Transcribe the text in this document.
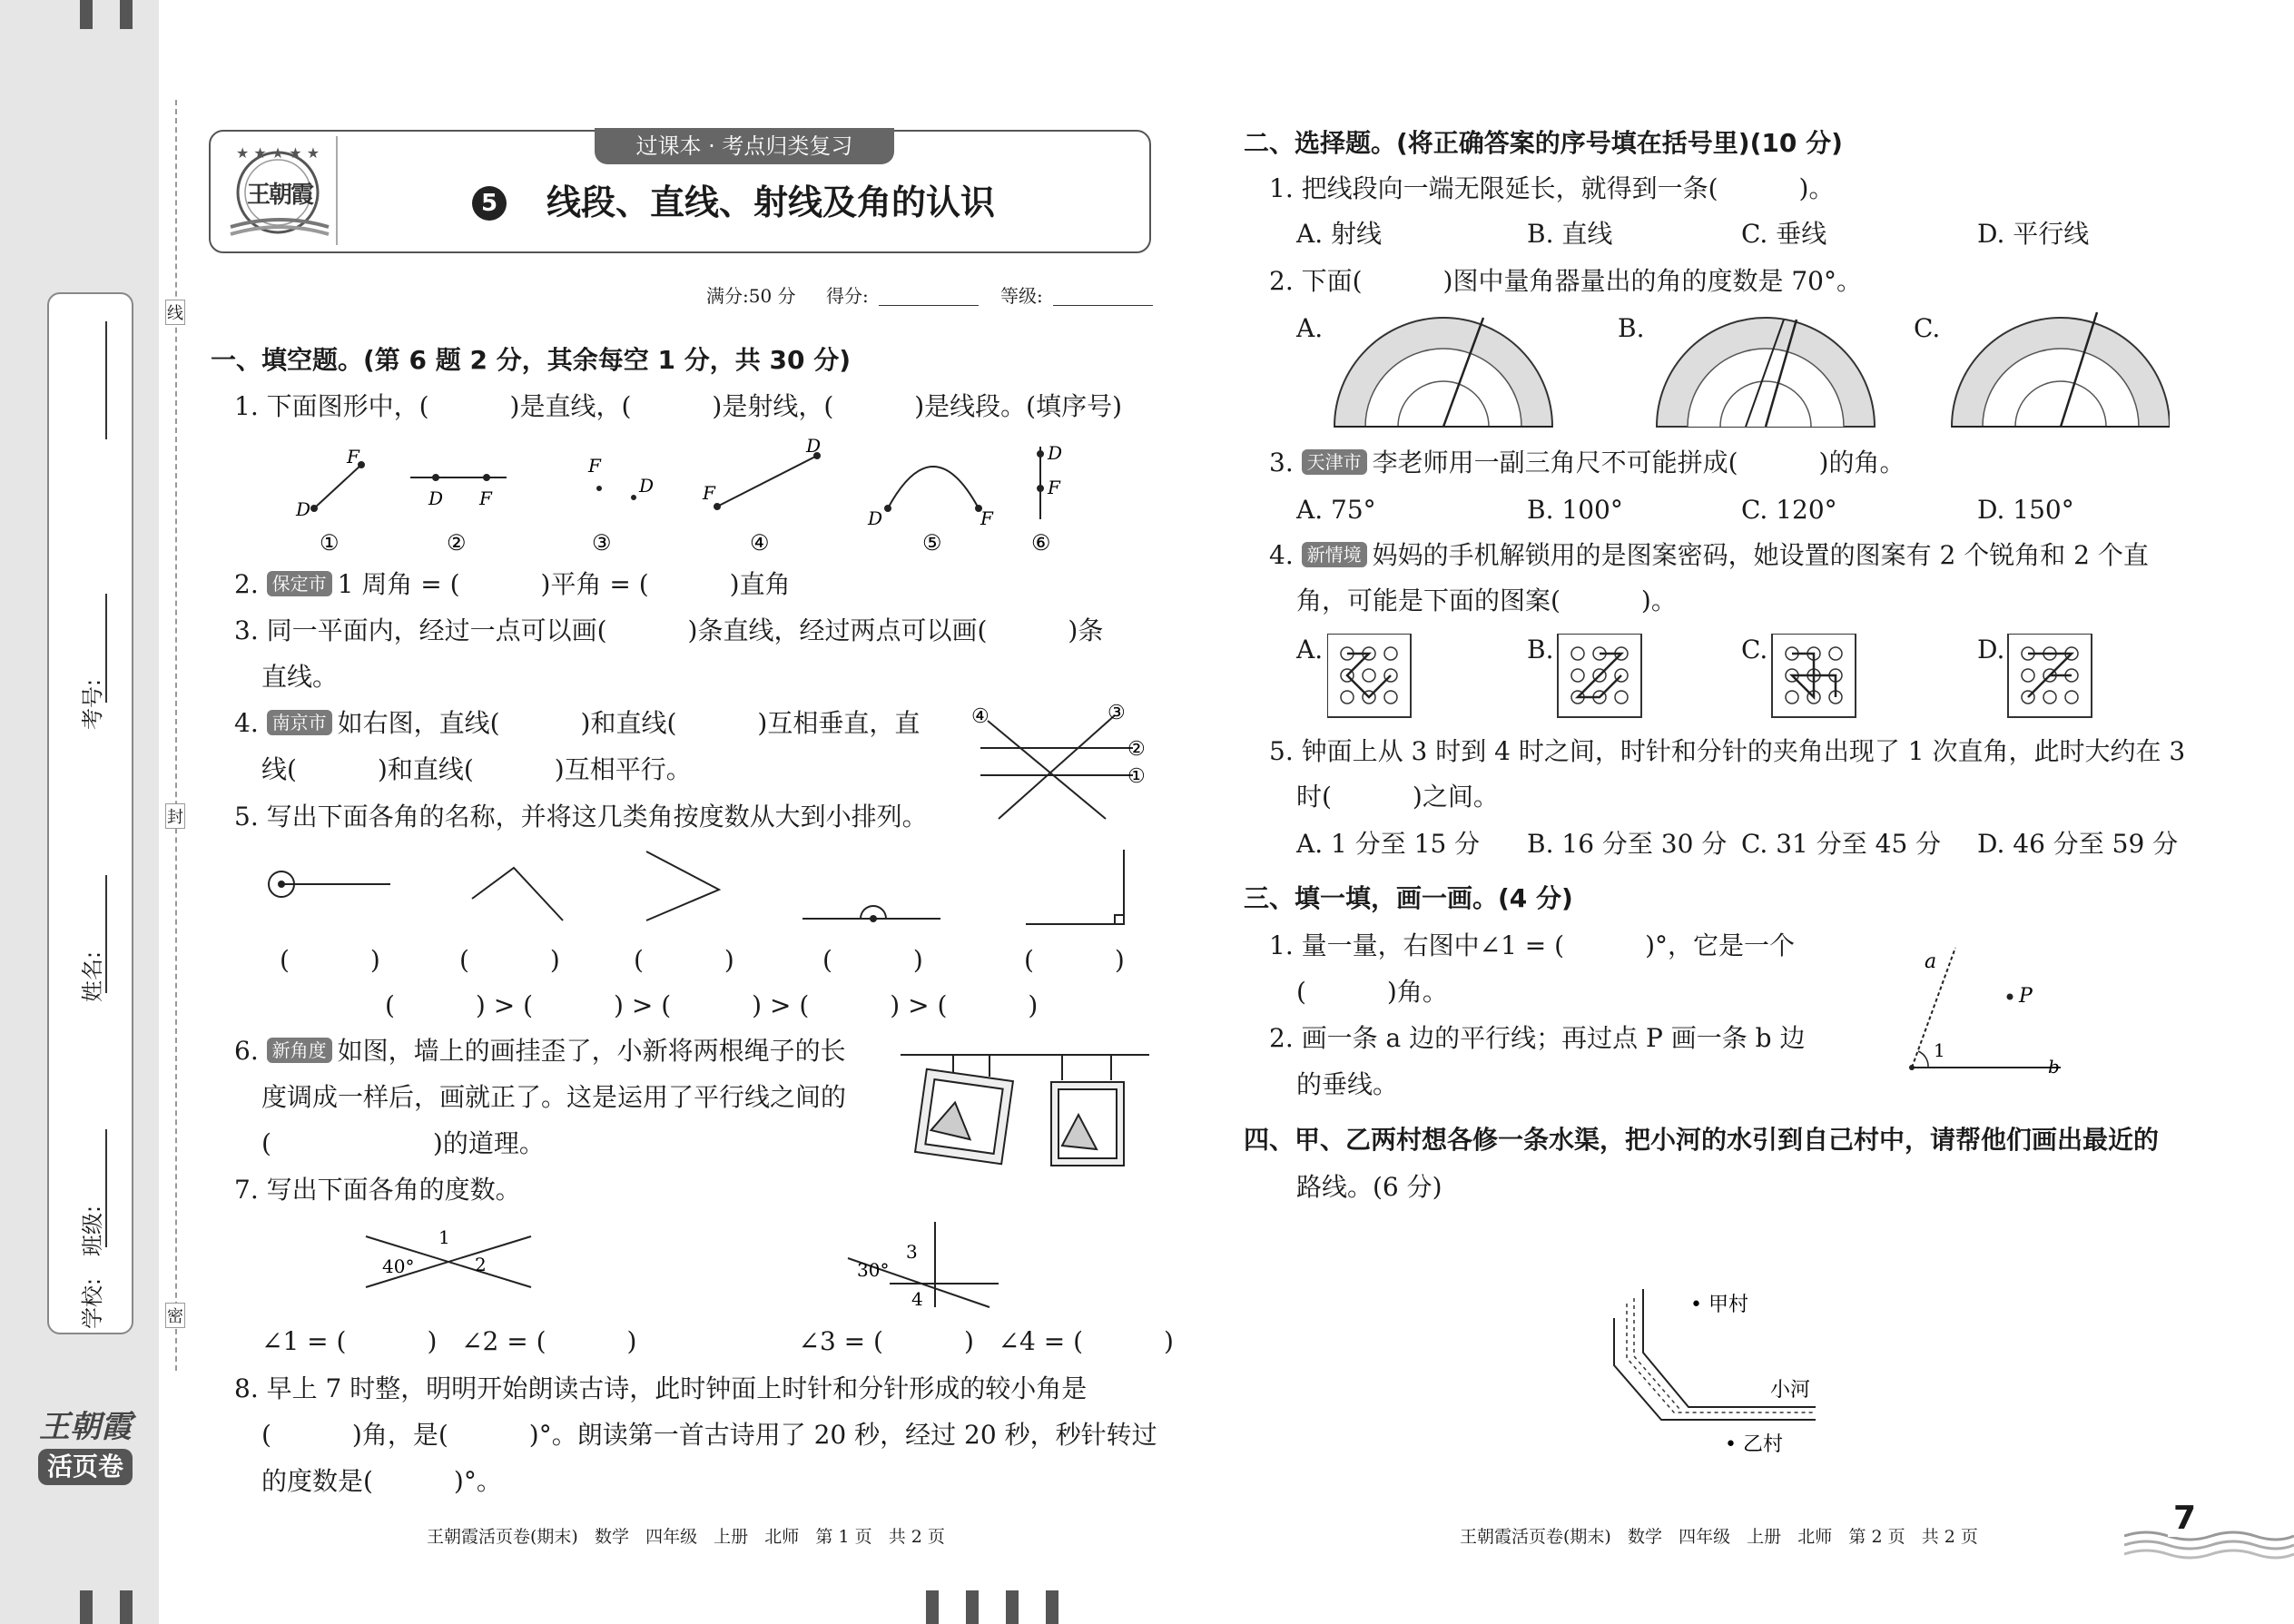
线
封
密
考号:
姓名:
班级:
学校:
王朝霞
活页卷
★ ★ ★ ★ ★
王朝霞
过课本 · 考点归类复习
5 线段、直线、射线及角的认识
满分:50 分 得分:	等级:
一、填空题。(第 6 题 2 分，其余每空 1 分，共 30 分)
1. 下面图形中，(          )是直线，(          )是射线，(          )是线段。(填序号)
F
D	D F
F
D	F
D
D	F
D
F
①	②	③	④	⑤	⑥
2. 保定市 1 周角 = (          )平角 = (          )直角
3. 同一平面内，经过一点可以画(          )条直线，经过两点可以画(          )条
直线。
4. 南京市 如右图，直线(          )和直线(          )互相垂直，直
线(          )和直线(          )互相平行。
④	③
②
①
5. 写出下面各角的名称，并将这几类角按度数从大到小排列。
(          )	(          )	(          )	(          )	(          )
(          ) > (          ) > (          ) > (          ) > (          )
6. 新角度 如图，墙上的画挂歪了，小新将两根绳子的长
度调成一样后，画就正了。这是运用了平行线之间的
(                    )的道理。
7. 写出下面各角的度数。
40°
1
2	30°
3
4
∠1 = (          )   ∠2 = (          )                    ∠3 = (          )   ∠4 = (          )
8. 早上 7 时整，明明开始朗读古诗，此时钟面上时针和分针形成的较小角是
(          )角，是(          )°。朗读第一首古诗用了 20 秒，经过 20 秒，秒针转过
的度数是(          )°。
王朝霞活页卷(期末)   数学   四年级   上册   北师   第 1 页   共 2 页
二、选择题。(将正确答案的序号填在括号里)(10 分)
1. 把线段向一端无限延长，就得到一条(          )。
A. 射线	B. 直线	C. 垂线	D. 平行线
2. 下面(          )图中量角器量出的角的度数是 70°。
A.	B.	C.
3. 天津市 李老师用一副三角尺不可能拼成(          )的角。
A. 75°	B. 100°	C. 120°	D. 150°
4. 新情境 妈妈的手机解锁用的是图案密码，她设置的图案有 2 个锐角和 2 个直
角，可能是下面的图案(          )。
A.	B.	C.	D.
5. 钟面上从 3 时到 4 时之间，时针和分针的夹角出现了 1 次直角，此时大约在 3
时(          )之间。
A. 1 分至 15 分 B. 16 分至 30 分 C. 31 分至 45 分 D. 46 分至 59 分
三、填一填，画一画。(4 分)
1. 量一量，右图中∠1 = (          )°，它是一个
(          )角。
2. 画一条 a 边的平行线；再过点 P 画一条 b 边
的垂线。
a
P
1
b
四、甲、乙两村想各修一条水渠，把小河的水引到自己村中，请帮他们画出最近的
路线。(6 分)
• 甲村
小河
• 乙村
王朝霞活页卷(期末)   数学   四年级   上册   北师   第 2 页   共 2 页	7
